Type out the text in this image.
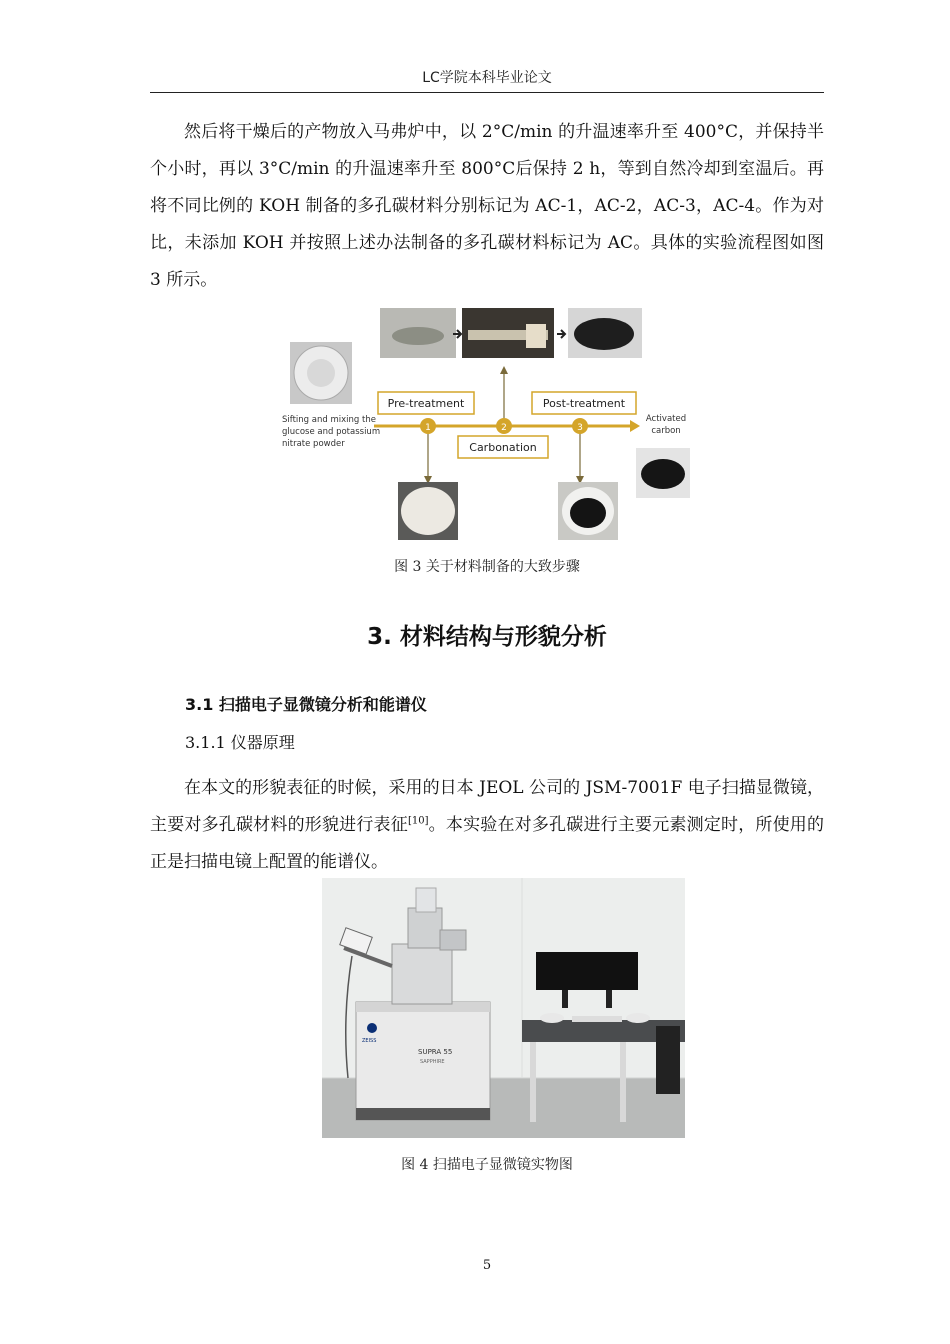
LC学院本科毕业论文

然后将干燥后的产物放入马弗炉中，以 2°C/min 的升温速率升至 400°C，并保持半个小时，再以 3°C/min 的升温速率升至 800°C后保持 2 h，等到自然冷却到室温后。再将不同比例的 KOH 制备的多孔碳材料分别标记为 AC-1，AC-2，AC-3，AC-4。作为对比，未添加 KOH 并按照上述办法制备的多孔碳材料标记为 AC。具体的实验流程图如图 3 所示。

1	2	3
Pre-treatment
Carbonation
Post-treatment
Sifting and mixing the
glucose and potassium
nitrate powder
Activated
carbon
图 3 关于材料制备的大致步骤
3. 材料结构与形貌分析
3.1 扫描电子显微镜分析和能谱仪
3.1.1 仪器原理

在本文的形貌表征的时候，采用的日本 JEOL 公司的 JSM-7001F 电子扫描显微镜，主要对多孔碳材料的形貌进行表征[10]。本实验在对多孔碳进行主要元素测定时，所使用的正是扫描电镜上配置的能谱仪。

SUPRA 55
SAPPHIRE
ZEISS
图 4 扫描电子显微镜实物图
5
